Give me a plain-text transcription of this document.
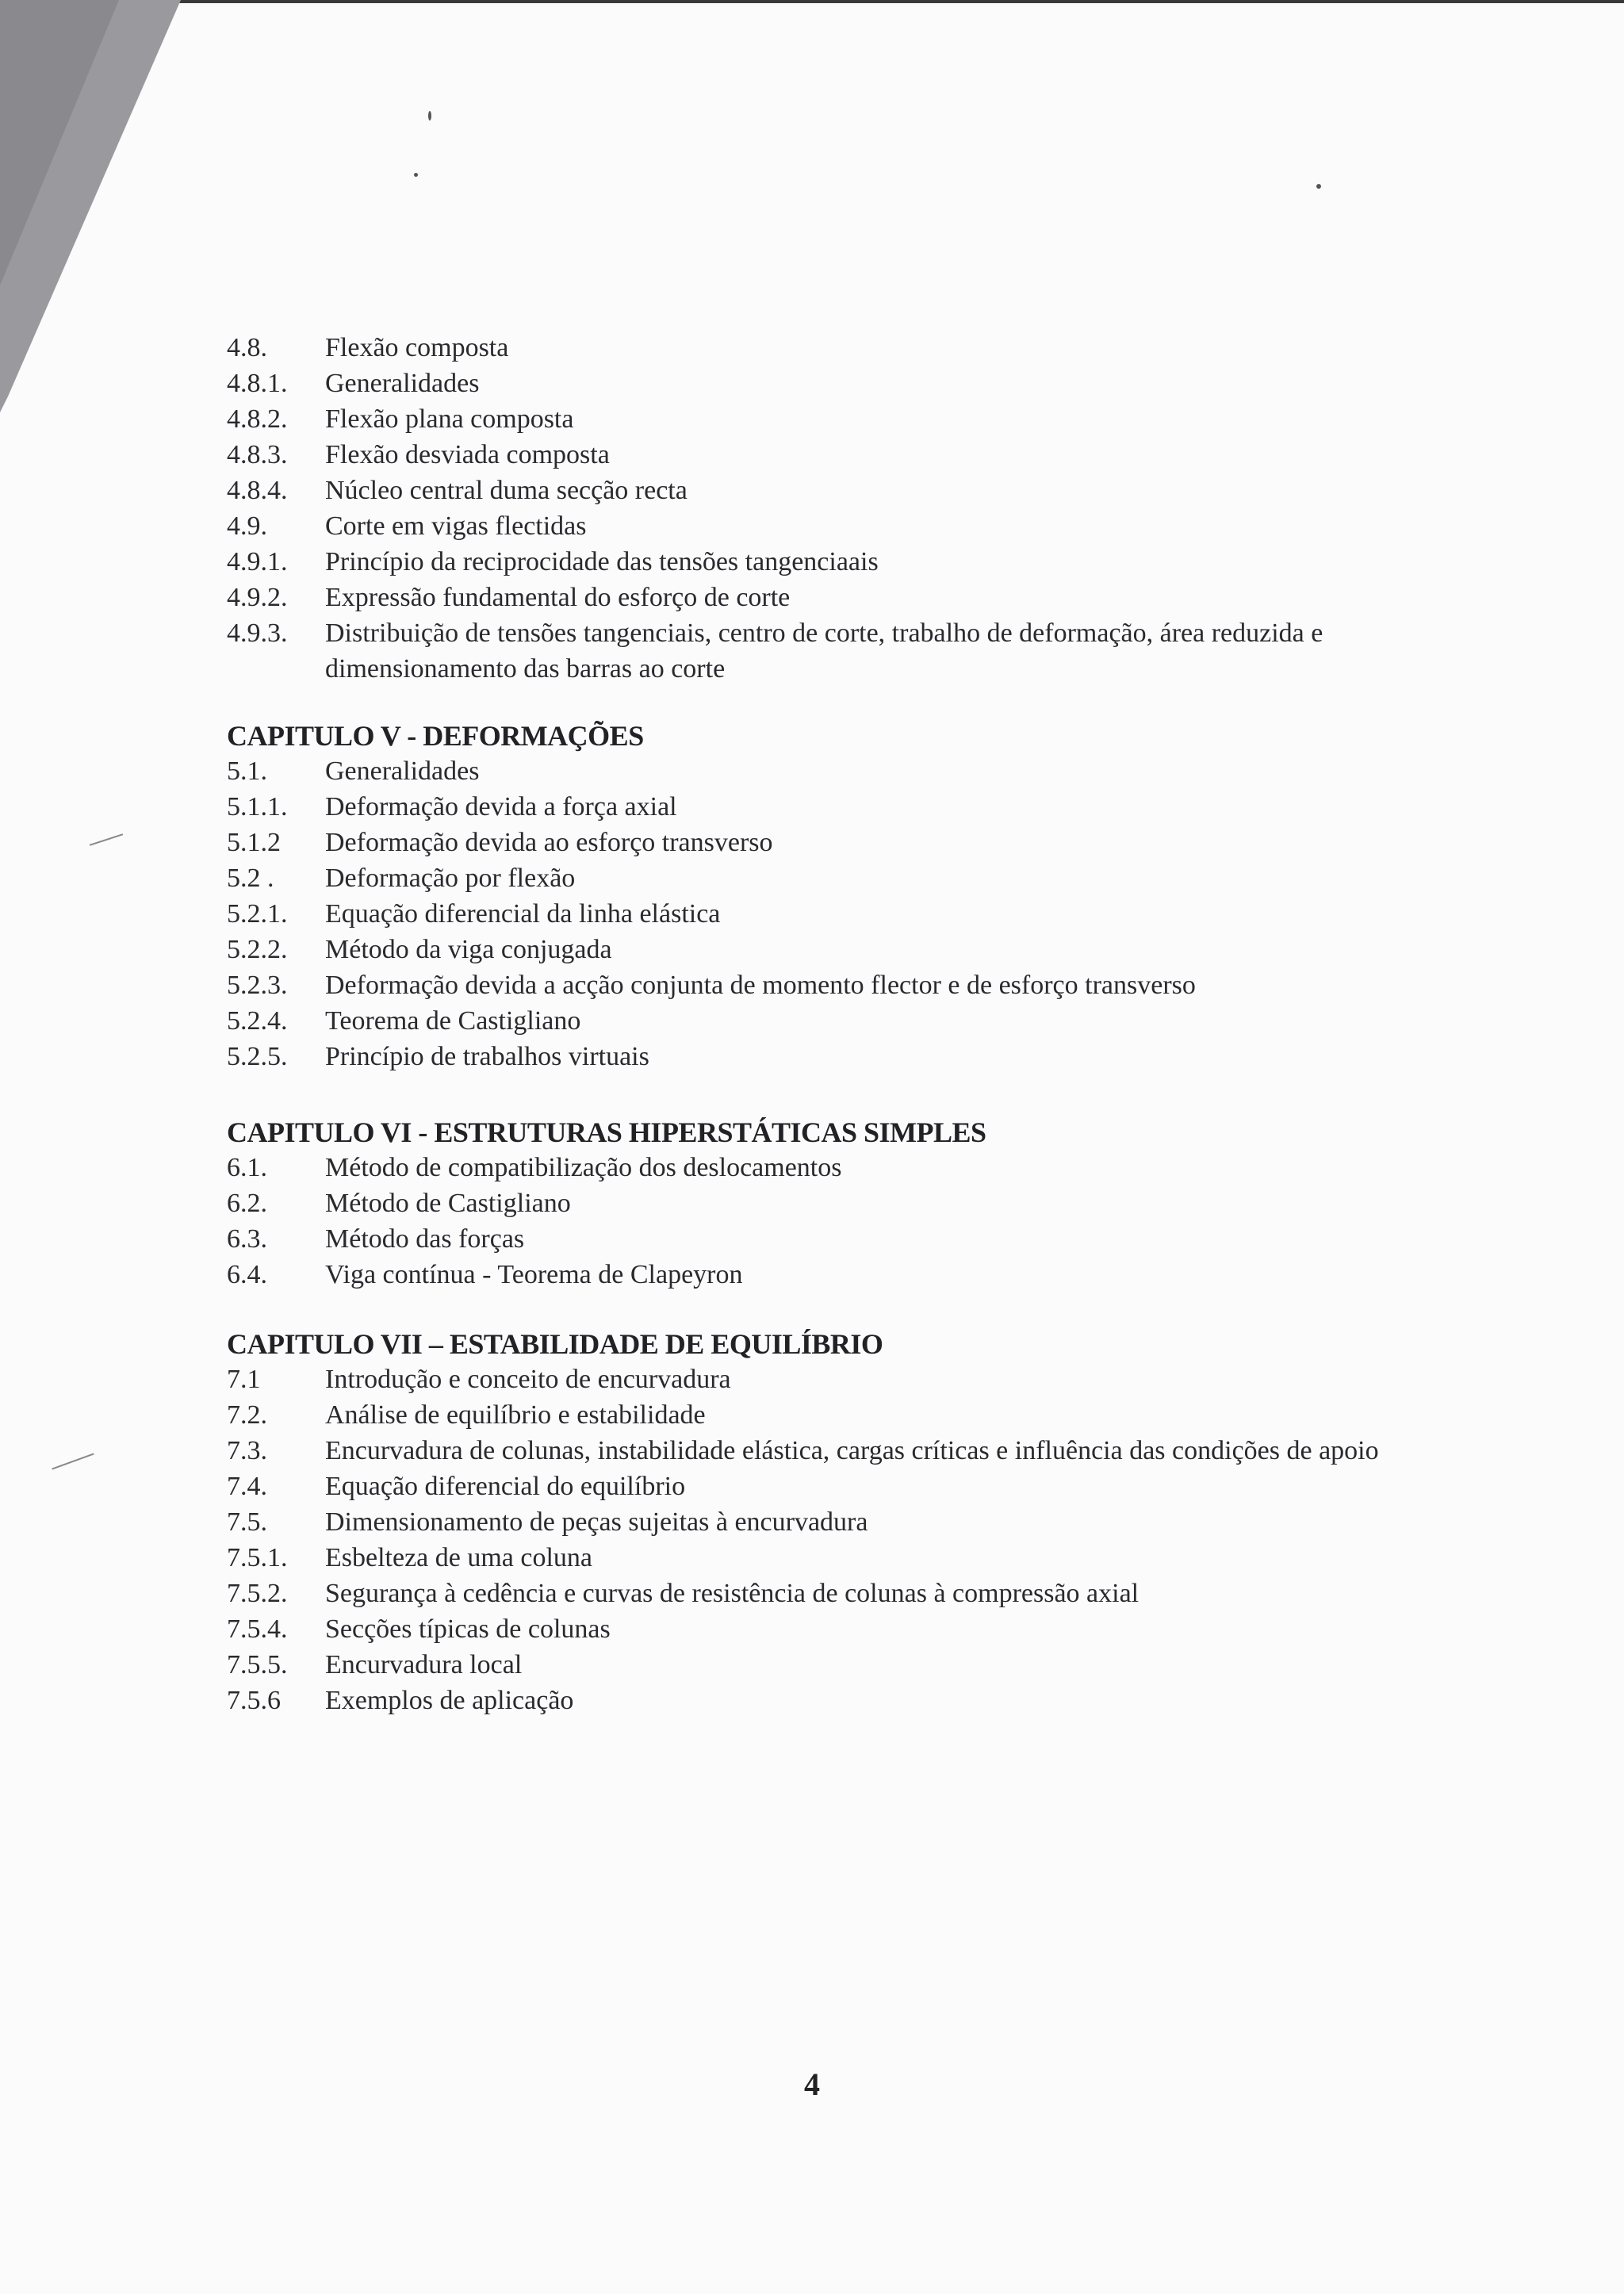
4.8.	Flexão composta
4.8.1.	Generalidades
4.8.2.	Flexão plana composta
4.8.3.	Flexão desviada composta
4.8.4.	Núcleo central duma secção recta
4.9.	Corte em vigas flectidas
4.9.1.	Princípio da reciprocidade das tensões tangenciaais
4.9.2.	Expressão fundamental do esforço de corte
4.9.3.	Distribuição de tensões tangenciais, centro de corte, trabalho de deformação, área reduzida e dimensionamento das barras ao corte
CAPITULO V - DEFORMAÇÕES
5.1.	Generalidades
5.1.1.	Deformação devida a força axial
5.1.2	Deformação devida ao esforço transverso
5.2 .	Deformação por flexão
5.2.1.	Equação diferencial da linha elástica
5.2.2.	Método da viga conjugada
5.2.3.	Deformação devida a acção conjunta de momento flector e de esforço transverso
5.2.4.	Teorema de Castigliano
5.2.5.	Princípio de trabalhos virtuais
CAPITULO VI - ESTRUTURAS HIPERSTÁTICAS SIMPLES
6.1.	Método de compatibilização dos deslocamentos
6.2.	Método de Castigliano
6.3.	Método das forças
6.4.	Viga contínua - Teorema de Clapeyron
CAPITULO VII – ESTABILIDADE DE EQUILÍBRIO
7.1	Introdução e conceito de encurvadura
7.2.	Análise de equilíbrio e estabilidade
7.3.	Encurvadura de colunas, instabilidade elástica, cargas críticas e influência das condições de apoio
7.4.	Equação diferencial do equilíbrio
7.5.	Dimensionamento de peças sujeitas à encurvadura
7.5.1.	Esbelteza de uma coluna
7.5.2.	Segurança à cedência e curvas de resistência de colunas à compressão axial
7.5.4.	Secções típicas de colunas
7.5.5.	Encurvadura local
7.5.6	Exemplos de aplicação
4
